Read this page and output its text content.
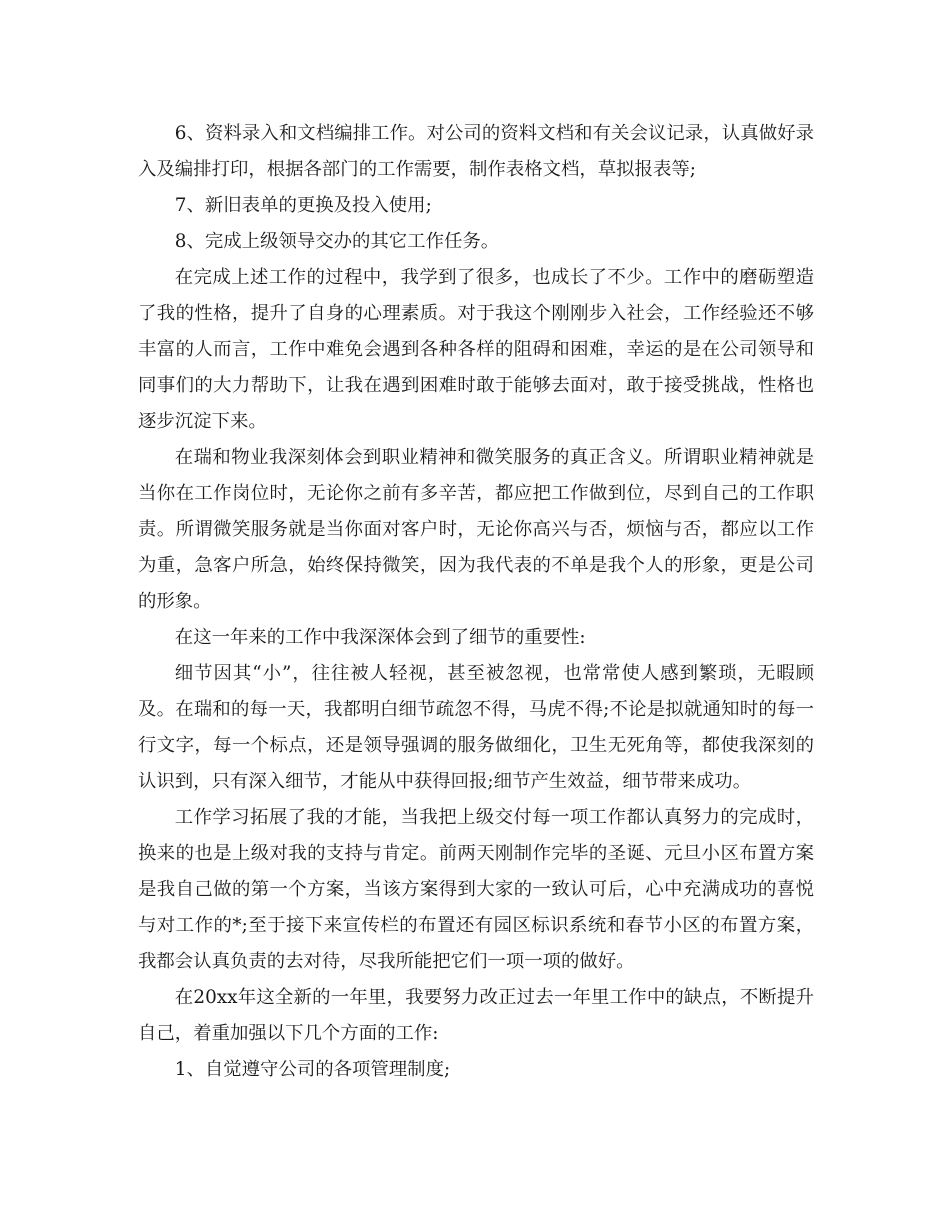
6、资料录入和文档编排工作。对公司的资料文档和有关会议记录，认真做好录入及编排打印，根据各部门的工作需要，制作表格文档，草拟报表等;

7、新旧表单的更换及投入使用;

8、完成上级领导交办的其它工作任务。

在完成上述工作的过程中，我学到了很多，也成长了不少。工作中的磨砺塑造了我的性格，提升了自身的心理素质。对于我这个刚刚步入社会，工作经验还不够丰富的人而言，工作中难免会遇到各种各样的阻碍和困难，幸运的是在公司领导和同事们的大力帮助下，让我在遇到困难时敢于能够去面对，敢于接受挑战，性格也逐步沉淀下来。

在瑞和物业我深刻体会到职业精神和微笑服务的真正含义。所谓职业精神就是当你在工作岗位时，无论你之前有多辛苦，都应把工作做到位，尽到自己的工作职责。所谓微笑服务就是当你面对客户时，无论你高兴与否，烦恼与否，都应以工作为重，急客户所急，始终保持微笑，因为我代表的不单是我个人的形象，更是公司的形象。

在这一年来的工作中我深深体会到了细节的重要性:

细节因其“小”，往往被人轻视，甚至被忽视，也常常使人感到繁琐，无暇顾及。在瑞和的每一天，我都明白细节疏忽不得，马虎不得;不论是拟就通知时的每一行文字，每一个标点，还是领导强调的服务做细化，卫生无死角等，都使我深刻的认识到，只有深入细节，才能从中获得回报;细节产生效益，细节带来成功。

工作学习拓展了我的才能，当我把上级交付每一项工作都认真努力的完成时，换来的也是上级对我的支持与肯定。前两天刚制作完毕的圣诞、元旦小区布置方案是我自己做的第一个方案，当该方案得到大家的一致认可后，心中充满成功的喜悦与对工作的*;至于接下来宣传栏的布置还有园区标识系统和春节小区的布置方案，我都会认真负责的去对待，尽我所能把它们一项一项的做好。

在20xx年这全新的一年里，我要努力改正过去一年里工作中的缺点，不断提升自己，着重加强以下几个方面的工作:

1、自觉遵守公司的各项管理制度;
